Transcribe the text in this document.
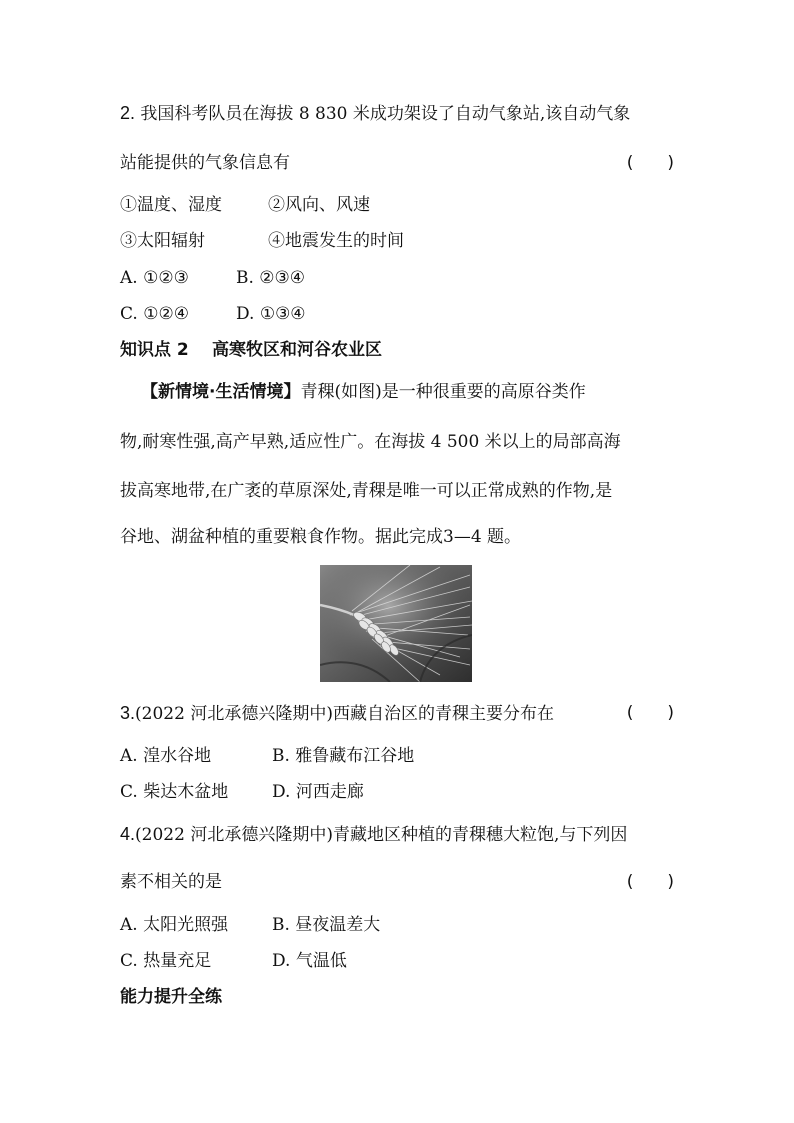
2. 我国科考队员在海拔 8 830 米成功架设了自动气象站,该自动气象
站能提供的气象信息有	(　　)
①温度、湿度	②风向、风速
③太阳辐射	④地震发生的时间
A. ①②③	B. ②③④
C. ①②④	D. ①③④
知识点 2 高寒牧区和河谷农业区
【新情境·生活情境】青稞(如图)是一种很重要的高原谷类作
物,耐寒性强,高产早熟,适应性广。在海拔 4 500 米以上的局部高海
拔高寒地带,在广袤的草原深处,青稞是唯一可以正常成熟的作物,是
谷地、湖盆种植的重要粮食作物。据此完成3—4 题。
3.(2022 河北承德兴隆期中)西藏自治区的青稞主要分布在	(　　)
A. 湟水谷地	B. 雅鲁藏布江谷地
C. 柴达木盆地	D. 河西走廊
4.(2022 河北承德兴隆期中)青藏地区种植的青稞穗大粒饱,与下列因
素不相关的是	(　　)
A. 太阳光照强	B. 昼夜温差大
C. 热量充足	D. 气温低
能力提升全练
